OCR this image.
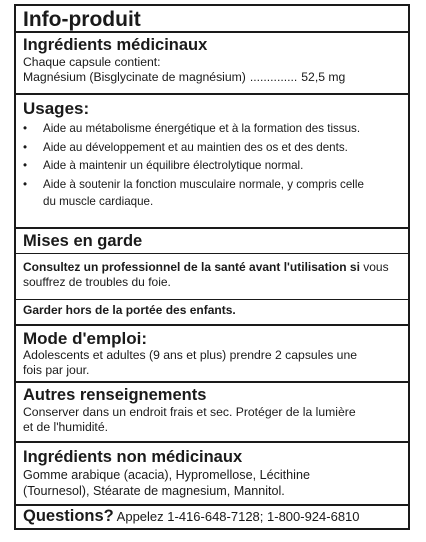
Info-produit

Ingrédients médicinaux

Chaque capsule contient:

Magnésium (Bisglycinate de magnésium) .............. 52,5 mg

Usages:

• Aide au métabolisme énergétique et à la formation des tissus.
• Aide au développement et au maintien des os et des dents.
• Aide à maintenir un équilibre électrolytique normal.
• Aide à soutenir la fonction musculaire normale, y compris celle du muscle cardiaque.

Mises en garde

Consultez un professionnel de la santé avant l'utilisation si vous souffrez de troubles du foie.

Garder hors de la portée des enfants.

Mode d'emploi:

Adolescents et adultes (9 ans et plus) prendre 2 capsules une fois par jour.

Autres renseignements

Conserver dans un endroit frais et sec. Protéger de la lumière et de l'humidité.

Ingrédients non médicinaux

Gomme arabique (acacia), Hypromellose, Lécithine (Tournesol), Stéarate de magnesium, Mannitol.

Questions? Appelez 1-416-648-7128; 1-800-924-6810
